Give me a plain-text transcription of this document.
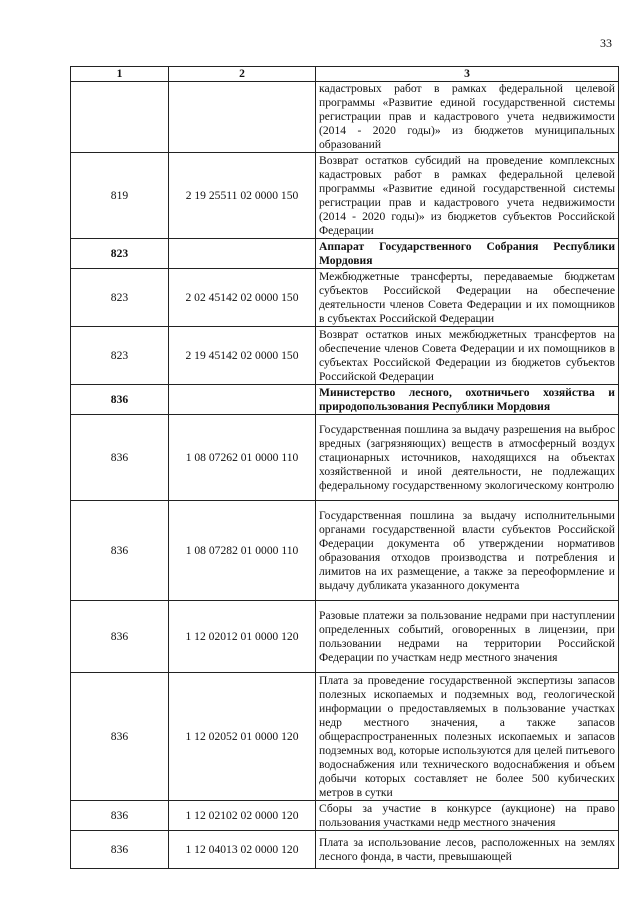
33
1	2	3
		кадастровых работ в рамках федеральной целевой программы «Развитие единой государственной системы регистрации прав и кадастрового учета недвижимости (2014 - 2020 годы)» из бюджетов муниципальных образований
819	2 19 25511 02 0000 150	Возврат остатков субсидий на проведение комплексных кадастровых работ в рамках федеральной целевой программы «Развитие единой государственной системы регистрации прав и кадастрового учета недвижимости (2014 - 2020 годы)» из бюджетов субъектов Российской Федерации
823		Аппарат Государственного Собрания Республики Мордовия
823	2 02 45142 02 0000 150	Межбюджетные трансферты, передаваемые бюджетам субъектов Российской Федерации на обеспечение деятельности членов Совета Федерации и их помощников в субъектах Российской Федерации
823	2 19 45142 02 0000 150	Возврат остатков иных межбюджетных трансфертов на обеспечение членов Совета Федерации и их помощников в субъектах Российской Федерации из бюджетов субъектов Российской Федерации
836		Министерство лесного, охотничьего хозяйства и природопользования Республики Мордовия
836	1 08 07262 01 0000 110	Государственная пошлина за выдачу разрешения на выброс вредных (загрязняющих) веществ в атмосферный воздух стационарных источников, находящихся на объектах хозяйственной и иной деятельности, не подлежащих федеральному государственному экологическому контролю
836	1 08 07282 01 0000 110	Государственная пошлина за выдачу исполнительными органами государственной власти субъектов Российской Федерации документа об утверждении нормативов образования отходов производства и потребления и лимитов на их размещение, а также за переоформление и выдачу дубликата указанного документа
836	1 12 02012 01 0000 120	Разовые платежи за пользование недрами при наступлении определенных событий, оговоренных в лицензии, при пользовании недрами на территории Российской Федерации по участкам недр местного значения
836	1 12 02052 01 0000 120	Плата за проведение государственной экспертизы запасов полезных ископаемых и подземных вод, геологической информации о предоставляемых в пользование участках недр местного значения, а также запасов общераспространенных полезных ископаемых и запасов подземных вод, которые используются для целей питьевого водоснабжения или технического водоснабжения и объем добычи которых составляет не более 500 кубических метров в сутки
836	1 12 02102 02 0000 120	Сборы за участие в конкурсе (аукционе) на право пользования участками недр местного значения
836	1 12 04013 02 0000 120	Плата за использование лесов, расположенных на землях лесного фонда, в части, превышающей
